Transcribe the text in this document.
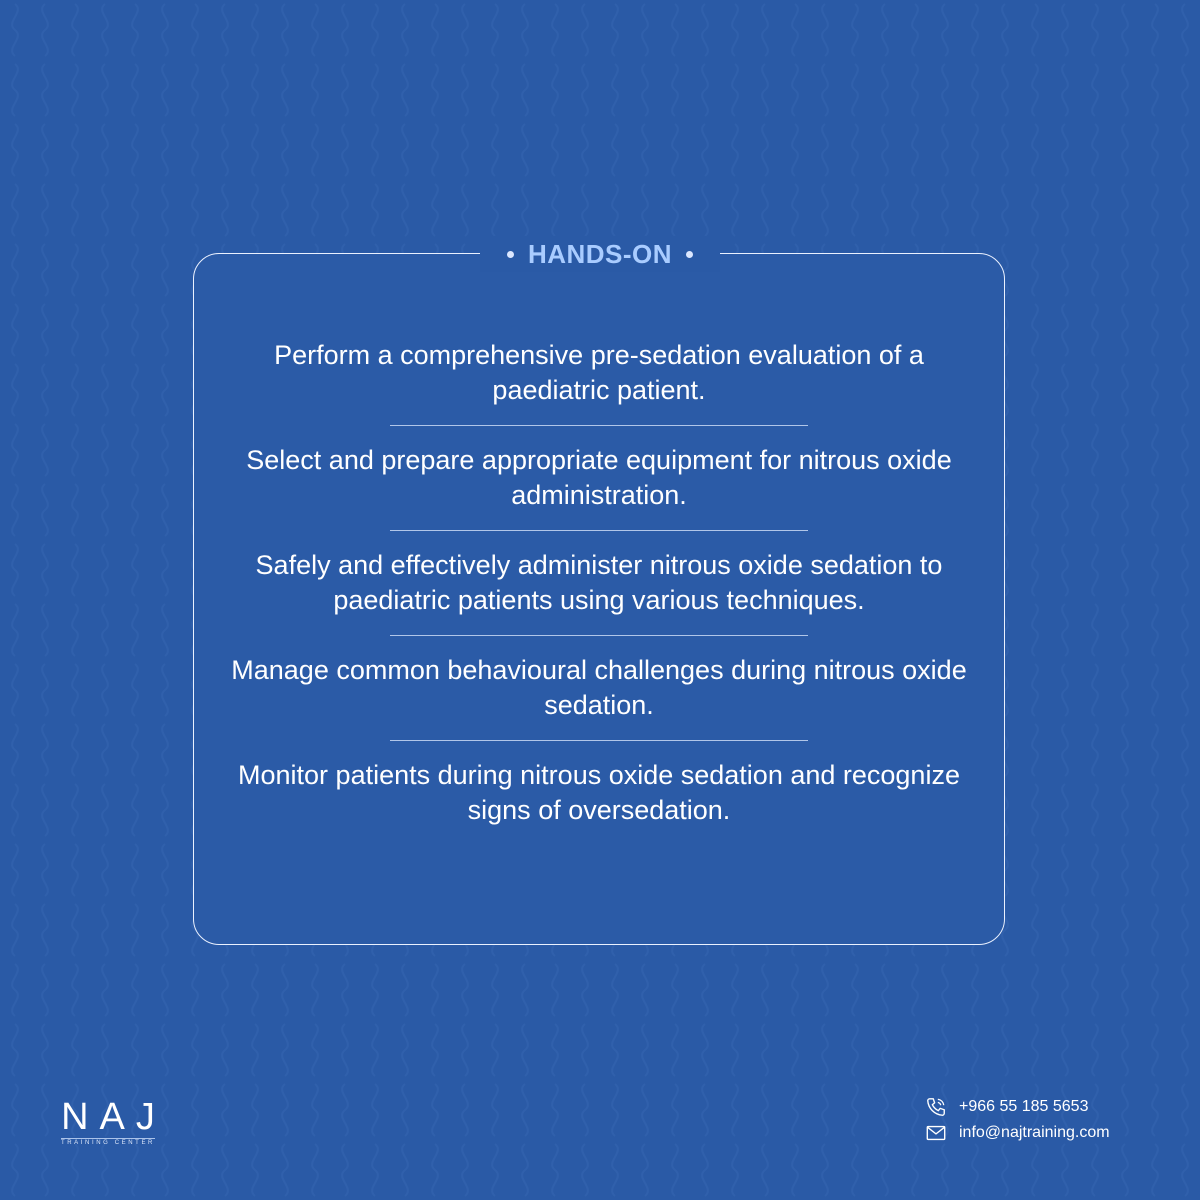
HANDS-ON
Perform a comprehensive pre-sedation evaluation of a paediatric patient.
Select and prepare appropriate equipment for nitrous oxide administration.
Safely and effectively administer nitrous oxide sedation to paediatric patients using various techniques.
Manage common behavioural challenges during nitrous oxide sedation.
Monitor patients during nitrous oxide sedation and recognize signs of oversedation.
NAJ
TRAINING CENTER
+966 55 185 5653
info@najtraining.com
